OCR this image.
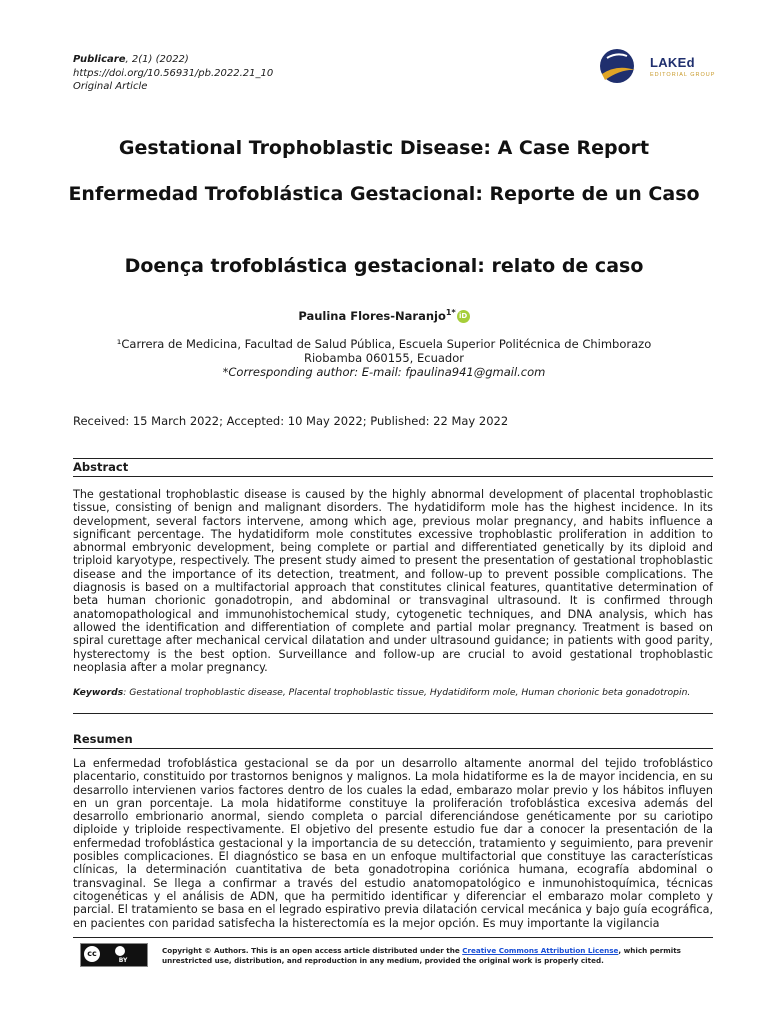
Publicare, 2(1) (2022)
https://doi.org/10.56931/pb.2022.21_10
Original Article
LAKEd
EDITORIAL GROUP
Gestational Trophoblastic Disease: A Case Report
Enfermedad Trofoblástica Gestacional: Reporte de un Caso
Doença trofoblástica gestacional: relato de caso
Paulina Flores-Naranjo$^{1*}$ iD
¹Carrera de Medicina, Facultad de Salud Pública, Escuela Superior Politécnica de Chimborazo
Riobamba 060155, Ecuador
*Corresponding author: E-mail: fpaulina941@gmail.com
Received: 15 March 2022; Accepted: 10 May 2022; Published: 22 May 2022
Abstract
The gestational trophoblastic disease is caused by the highly abnormal development of placental trophoblastic tissue, consisting of benign and malignant disorders. The hydatidiform mole has the highest incidence. In its development, several factors intervene, among which age, previous molar pregnancy, and habits influence a significant percentage. The hydatidiform mole constitutes excessive trophoblastic proliferation in addition to abnormal embryonic development, being complete or partial and differentiated genetically by its diploid and triploid karyotype, respectively. The present study aimed to present the presentation of gestational trophoblastic disease and the importance of its detection, treatment, and follow-up to prevent possible complications. The diagnosis is based on a multifactorial approach that constitutes clinical features, quantitative determination of beta human chorionic gonadotropin, and abdominal or transvaginal ultrasound. It is confirmed through anatomopathological and immunohistochemical study, cytogenetic techniques, and DNA analysis, which has allowed the identification and differentiation of complete and partial molar pregnancy. Treatment is based on spiral curettage after mechanical cervical dilatation and under ultrasound guidance; in patients with good parity, hysterectomy is the best option. Surveillance and follow-up are crucial to avoid gestational trophoblastic neoplasia after a molar pregnancy.
Keywords: Gestational trophoblastic disease, Placental trophoblastic tissue, Hydatidiform mole, Human chorionic beta gonadotropin.
Resumen
La enfermedad trofoblástica gestacional se da por un desarrollo altamente anormal del tejido trofoblástico placentario, constituido por trastornos benignos y malignos. La mola hidatiforme es la de mayor incidencia, en su desarrollo intervienen varios factores dentro de los cuales la edad, embarazo molar previo y los hábitos influyen en un gran porcentaje. La mola hidatiforme constituye la proliferación trofoblástica excesiva además del desarrollo embrionario anormal, siendo completa o parcial diferenciándose genéticamente por su cariotipo diploide y triploide respectivamente. El objetivo del presente estudio fue dar a conocer la presentación de la enfermedad trofoblástica gestacional y la importancia de su detección, tratamiento y seguimiento, para prevenir posibles complicaciones. El diagnóstico se basa en un enfoque multifactorial que constituye las características clínicas, la determinación cuantitativa de beta gonadotropina coriónica humana, ecografía abdominal o transvaginal. Se llega a confirmar a través del estudio anatomopatológico e inmunohistoquímica, técnicas citogenéticas y el análisis de ADN, que ha permitido identificar y diferenciar el embarazo molar completo y parcial. El tratamiento se basa en el legrado espirativo previa dilatación cervical mecánica y bajo guía ecográfica, en pacientes con paridad satisfecha la histerectomía es la mejor opción. Es muy importante la vigilancia
cc
BY
Copyright © Authors. This is an open access article distributed under the Creative Commons Attribution License, which permits unrestricted use, distribution, and reproduction in any medium, provided the original work is properly cited.
